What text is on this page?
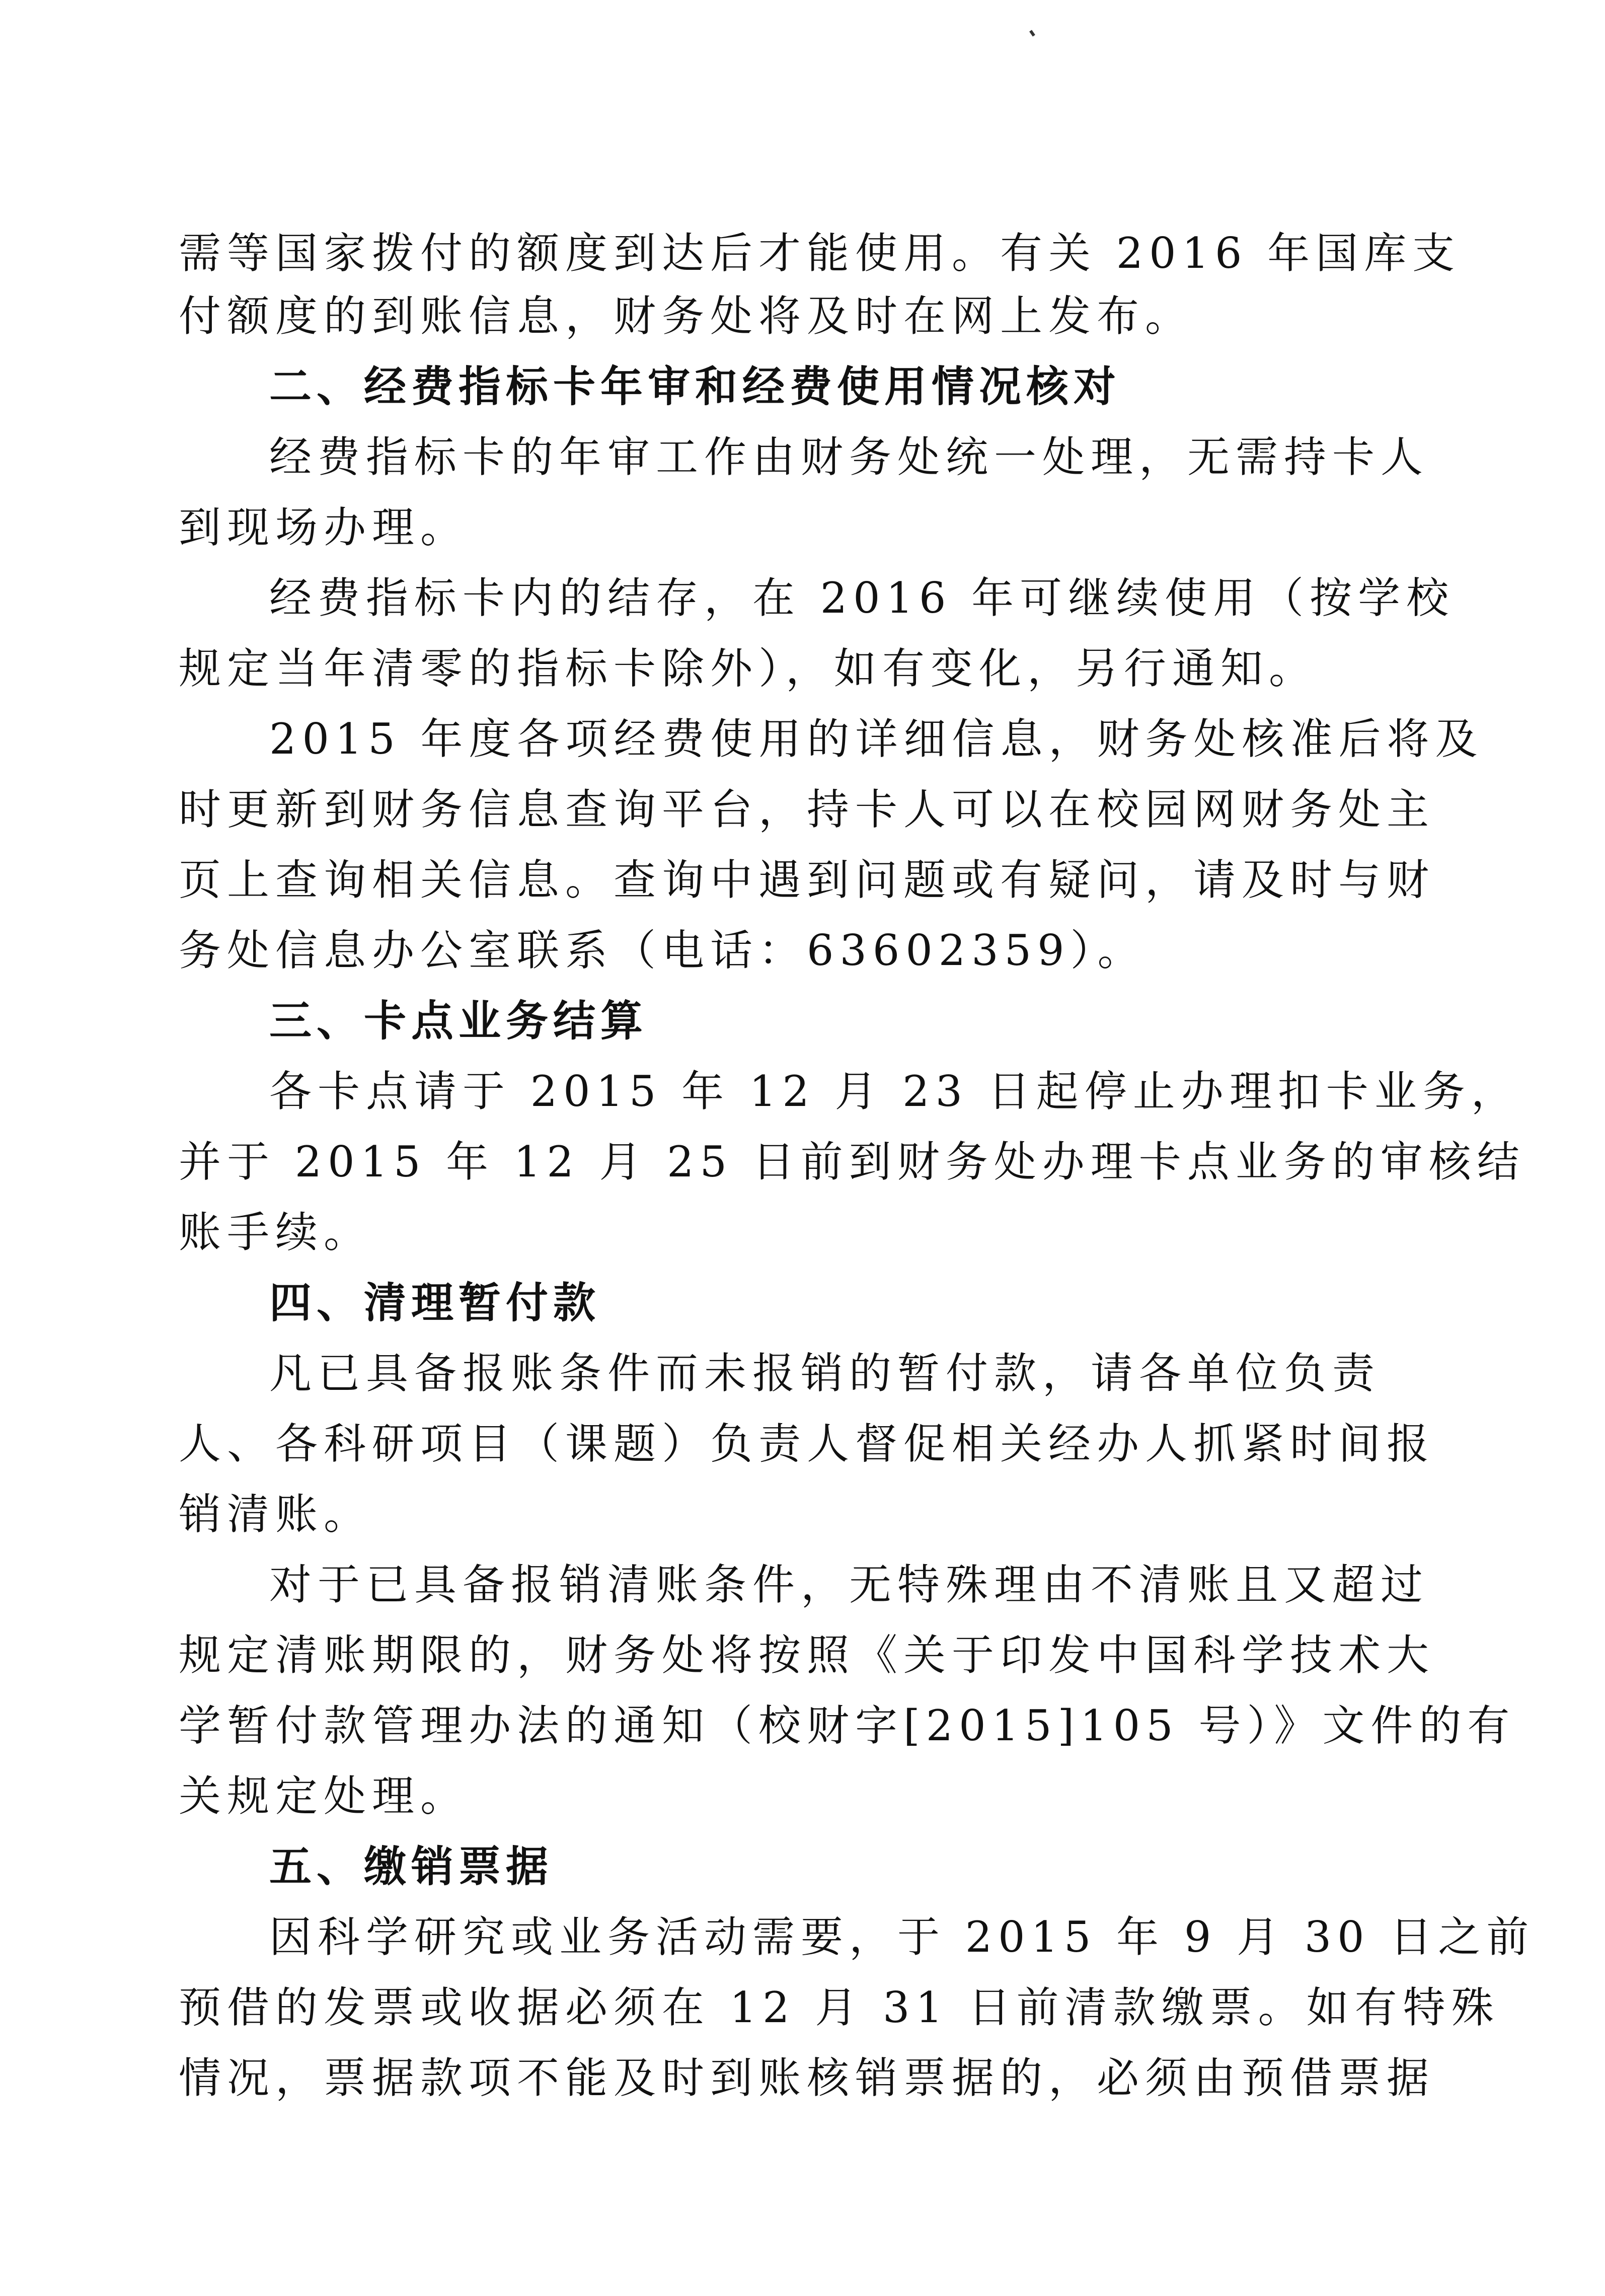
需等国家拨付的额度到达后才能使用。有关 2016 年国库支
付额度的到账信息，财务处将及时在网上发布。
二、经费指标卡年审和经费使用情况核对
经费指标卡的年审工作由财务处统一处理，无需持卡人
到现场办理。
经费指标卡内的结存，在 2016 年可继续使用（按学校
规定当年清零的指标卡除外），如有变化，另行通知。
2015 年度各项经费使用的详细信息，财务处核准后将及
时更新到财务信息查询平台，持卡人可以在校园网财务处主
页上查询相关信息。查询中遇到问题或有疑问，请及时与财
务处信息办公室联系（电话：63602359）。
三、卡点业务结算
各卡点请于 2015 年 12 月 23 日起停止办理扣卡业务，
并于 2015 年 12 月 25 日前到财务处办理卡点业务的审核结
账手续。
四、清理暂付款
凡已具备报账条件而未报销的暂付款，请各单位负责
人、各科研项目（课题）负责人督促相关经办人抓紧时间报
销清账。
对于已具备报销清账条件，无特殊理由不清账且又超过
规定清账期限的，财务处将按照《关于印发中国科学技术大
学暂付款管理办法的通知（校财字[2015]105 号）》文件的有
关规定处理。
五、缴销票据
因科学研究或业务活动需要，于 2015 年 9 月 30 日之前
预借的发票或收据必须在 12 月 31 日前清款缴票。如有特殊
情况，票据款项不能及时到账核销票据的，必须由预借票据
